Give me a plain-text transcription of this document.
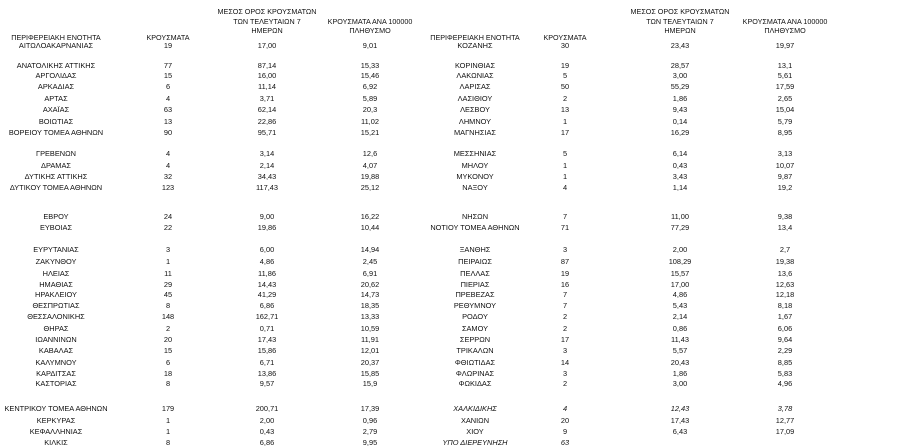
ΠΕΡΙΦΕΡΕΙΑΚΗ ΕΝΟΤΗΤΑ	ΚΡΟΥΣΜΑΤΑ
ΜΕΣΟΣ ΟΡΟΣ ΚΡΟΥΣΜΑΤΩΝ
ΤΩΝ ΤΕΛΕΥΤΑΙΩΝ 7
ΗΜΕΡΩΝ
ΚΡΟΥΣΜΑΤΑ ΑΝΑ 100000
ΠΛΗΘΥΣΜΟ
ΑΙΤΩΛΟΑΚΑΡΝΑΝΙΑΣ	19	17,00	9,01
ΑΝΑΤΟΛΙΚΗΣ ΑΤΤΙΚΗΣ	77	87,14	15,33
ΑΡΓΟΛΙΔΑΣ	15	16,00	15,46
ΑΡΚΑΔΙΑΣ	6	11,14	6,92
ΑΡΤΑΣ	4	3,71	5,89
ΑΧΑΪΑΣ	63	62,14	20,3
ΒΟΙΩΤΙΑΣ	13	22,86	11,02
ΒΟΡΕΙΟΥ ΤΟΜΕΑ ΑΘΗΝΩΝ	90	95,71	15,21
ΓΡΕΒΕΝΩΝ	4	3,14	12,6
ΔΡΑΜΑΣ	4	2,14	4,07
ΔΥΤΙΚΗΣ ΑΤΤΙΚΗΣ	32	34,43	19,88
ΔΥΤΙΚΟΥ ΤΟΜΕΑ ΑΘΗΝΩΝ	123	117,43	25,12
ΕΒΡΟΥ	24	9,00	16,22
ΕΥΒΟΙΑΣ	22	19,86	10,44
ΕΥΡΥΤΑΝΙΑΣ	3	6,00	14,94
ΖΑΚΥΝΘΟΥ	1	4,86	2,45
ΗΛΕΙΑΣ	11	11,86	6,91
ΗΜΑΘΙΑΣ	29	14,43	20,62
ΗΡΑΚΛΕΙΟΥ	45	41,29	14,73
ΘΕΣΠΡΩΤΙΑΣ	8	6,86	18,35
ΘΕΣΣΑΛΟΝΙΚΗΣ	148	162,71	13,33
ΘΗΡΑΣ	2	0,71	10,59
ΙΩΑΝΝΙΝΩΝ	20	17,43	11,91
ΚΑΒΑΛΑΣ	15	15,86	12,01
ΚΑΛΥΜΝΟΥ	6	6,71	20,37
ΚΑΡΔΙΤΣΑΣ	18	13,86	15,85
ΚΑΣΤΟΡΙΑΣ	8	9,57	15,9
ΚΕΝΤΡΙΚΟΥ ΤΟΜΕΑ ΑΘΗΝΩΝ	179	200,71	17,39
ΚΕΡΚΥΡΑΣ	1	2,00	0,96
ΚΕΦΑΛΛΗΝΙΑΣ	1	0,43	2,79
ΚΙΛΚΙΣ	8	6,86	9,95
ΠΕΡΙΦΕΡΕΙΑΚΗ ΕΝΟΤΗΤΑ	ΚΡΟΥΣΜΑΤΑ
ΜΕΣΟΣ ΟΡΟΣ ΚΡΟΥΣΜΑΤΩΝ
ΤΩΝ ΤΕΛΕΥΤΑΙΩΝ 7
ΗΜΕΡΩΝ
ΚΡΟΥΣΜΑΤΑ ΑΝΑ 100000
ΠΛΗΘΥΣΜΟ
ΚΟΖΑΝΗΣ	30	23,43	19,97
ΚΟΡΙΝΘΙΑΣ	19	28,57	13,1
ΛΑΚΩΝΙΑΣ	5	3,00	5,61
ΛΑΡΙΣΑΣ	50	55,29	17,59
ΛΑΣΙΘΙΟΥ	2	1,86	2,65
ΛΕΣΒΟΥ	13	9,43	15,04
ΛΗΜΝΟΥ	1	0,14	5,79
ΜΑΓΝΗΣΙΑΣ	17	16,29	8,95
ΜΕΣΣΗΝΙΑΣ	5	6,14	3,13
ΜΗΛΟΥ	1	0,43	10,07
ΜΥΚΟΝΟΥ	1	3,43	9,87
ΝΑΞΟΥ	4	1,14	19,2
ΝΗΣΩΝ	7	11,00	9,38
ΝΟΤΙΟΥ ΤΟΜΕΑ ΑΘΗΝΩΝ	71	77,29	13,4
ΞΑΝΘΗΣ	3	2,00	2,7
ΠΕΙΡΑΙΩΣ	87	108,29	19,38
ΠΕΛΛΑΣ	19	15,57	13,6
ΠΙΕΡΙΑΣ	16	17,00	12,63
ΠΡΕΒΕΖΑΣ	7	4,86	12,18
ΡΕΘΥΜΝΟΥ	7	5,43	8,18
ΡΟΔΟΥ	2	2,14	1,67
ΣΑΜΟΥ	2	0,86	6,06
ΣΕΡΡΩΝ	17	11,43	9,64
ΤΡΙΚΑΛΩΝ	3	5,57	2,29
ΦΘΙΩΤΙΔΑΣ	14	20,43	8,85
ΦΛΩΡΙΝΑΣ	3	1,86	5,83
ΦΩΚΙΔΑΣ	2	3,00	4,96
ΧΑΛΚΙΔΙΚΗΣ	4	12,43	3,78
ΧΑΝΙΩΝ	20	17,43	12,77
ΧΙΟΥ	9	6,43	17,09
ΥΠΟ ΔΙΕΡΕΥΝΗΣΗ	63
